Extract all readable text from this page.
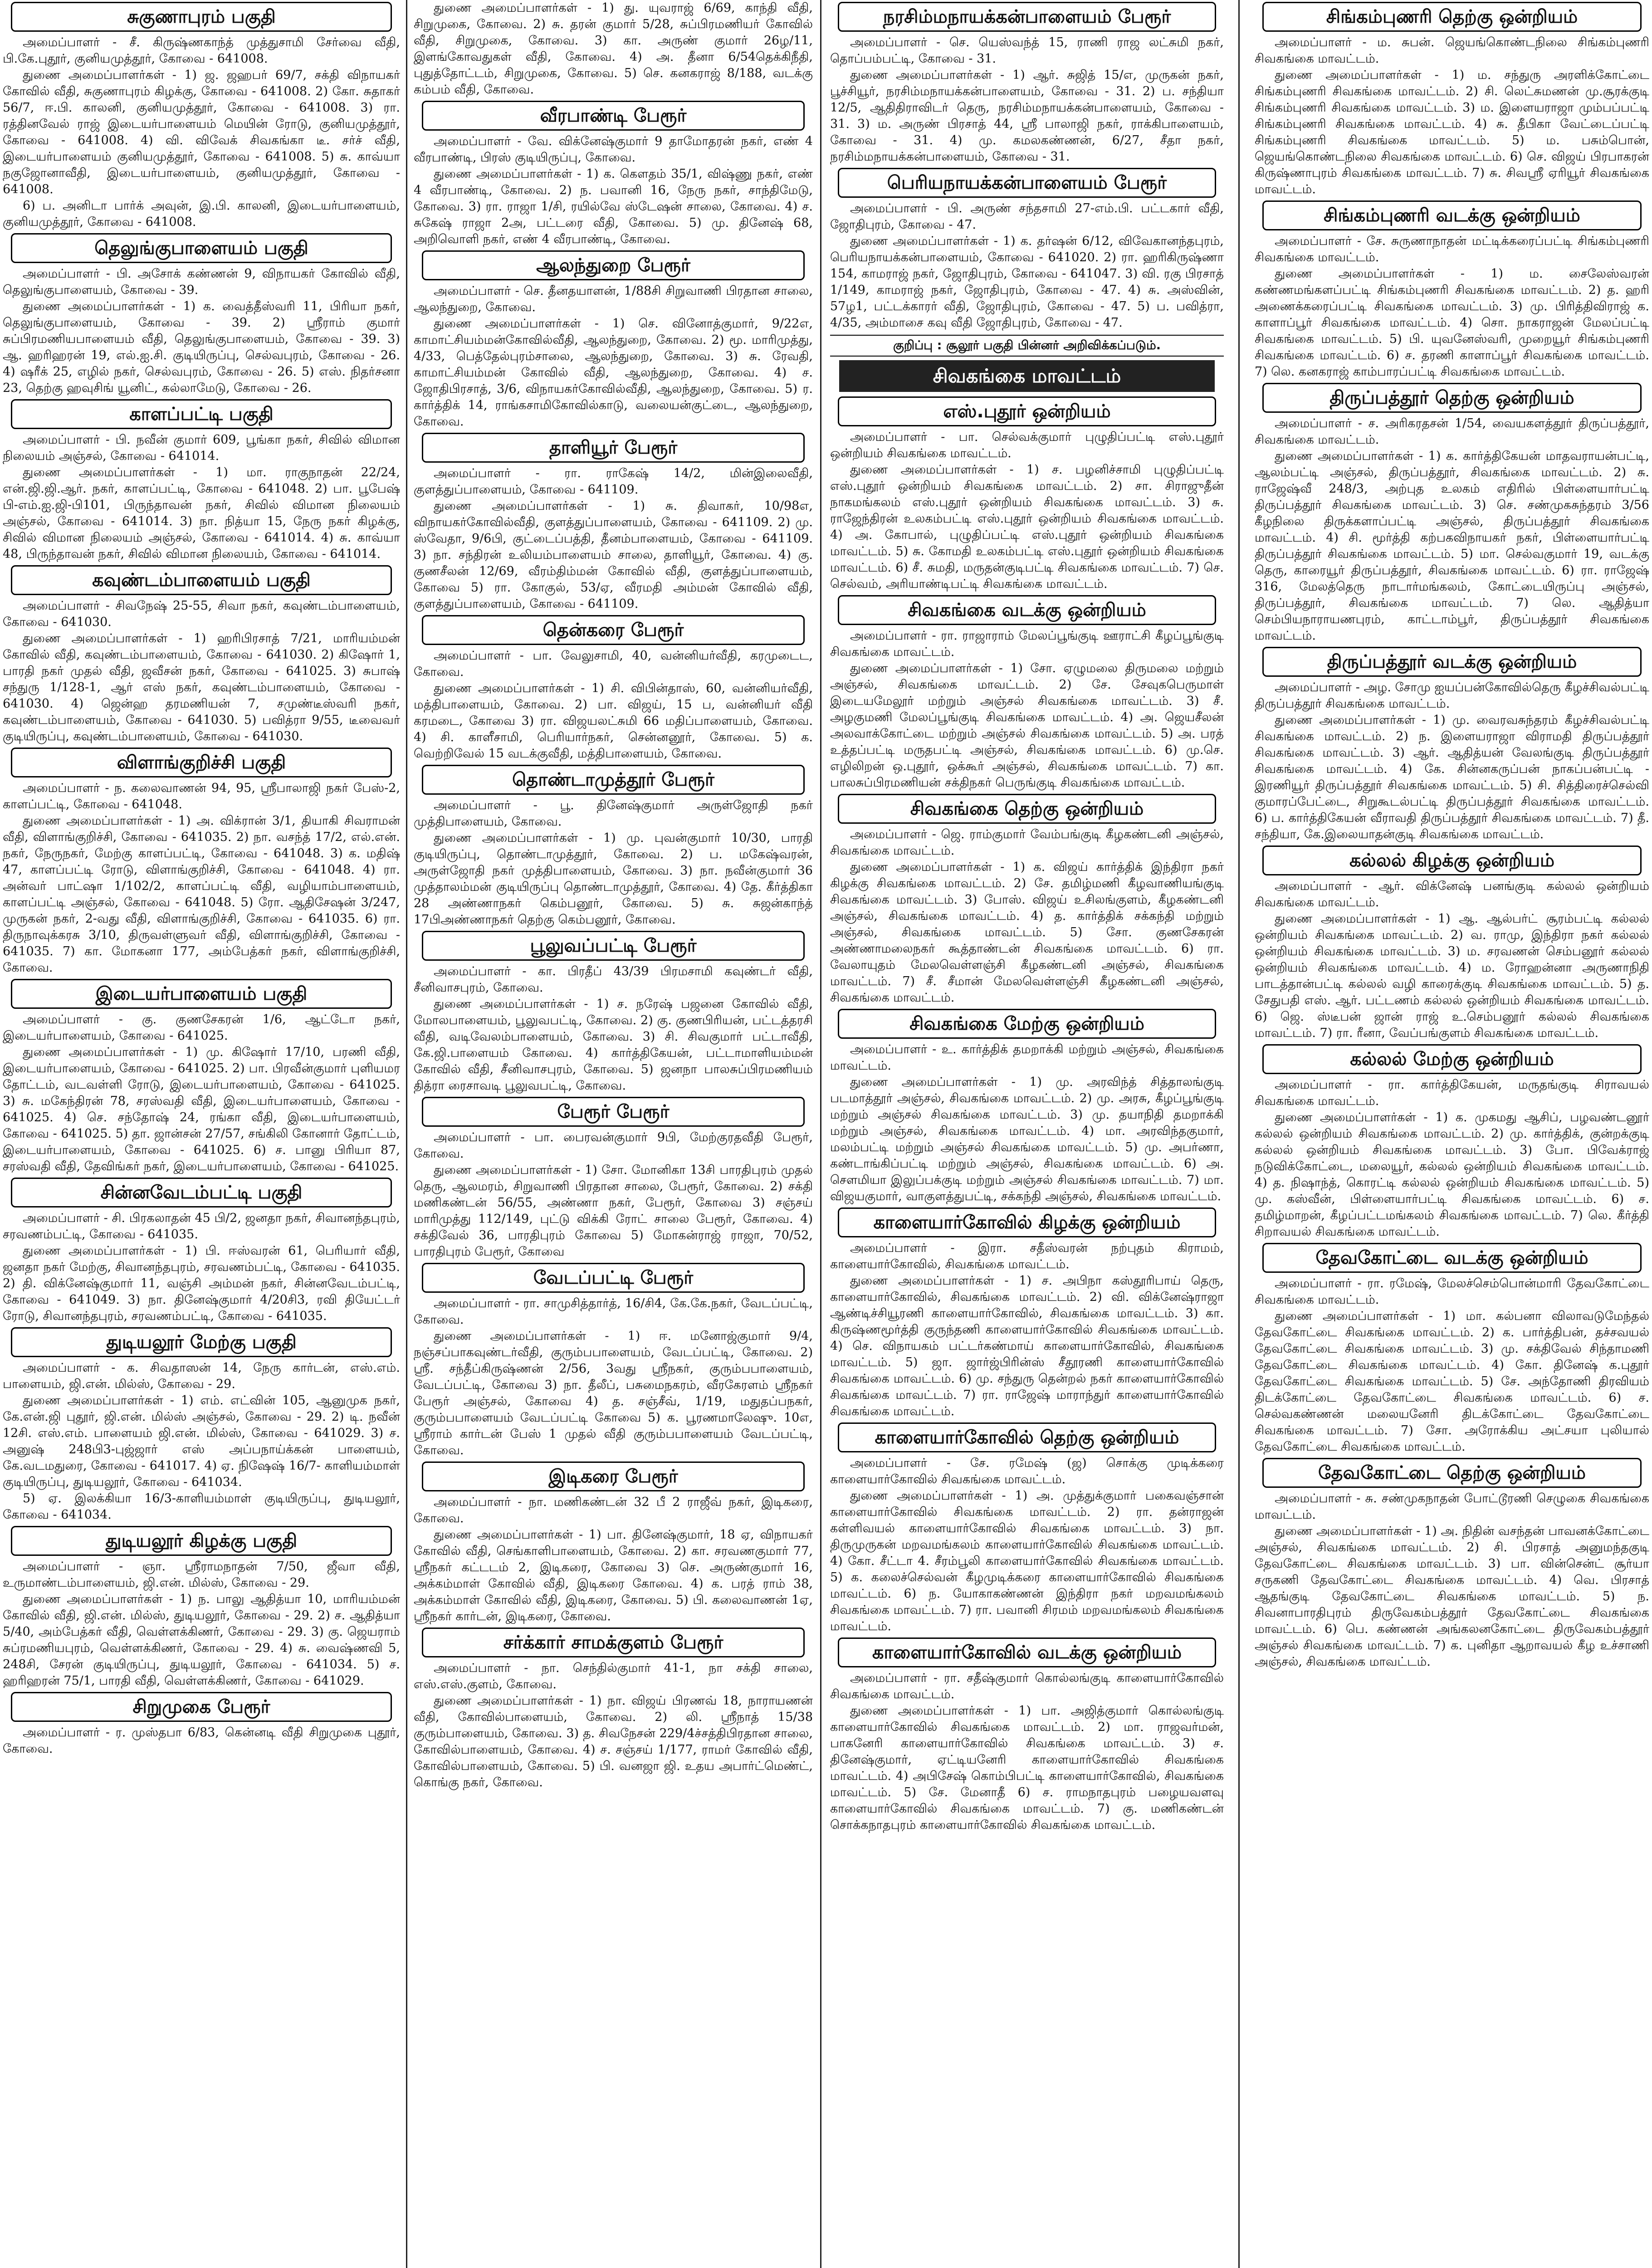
சுகுணாபுரம் பகுதி

அமைப்பாளர் - சீ. கிருஷ்ணகாந்த் முத்துசாமி சேர்வை வீதி, பி.கே.புதூர், குனியமுத்தூர், கோவை - 641008.

துணை அமைப்பாளர்கள் - 1) ஜ. ஜஹபர் 69/7, சக்தி விநாயகர் கோவில் வீதி, சுகுணாபுரம் கிழக்கு, கோவை - 641008. 2) கோ. சுதாகர் 56/7, ஈ.பி. காலனி, குனியமுத்தூர், கோவை - 641008. 3) ரா. ரத்தினவேல் ராஜ் இடையர்பாளையம் மெயின் ரோடு, குனியமுத்தூர், கோவை - 641008. 4) வி. விவேக் சிவகங்கா டீ. சர்ச் வீதி, இடையர்பாளையம் குனியமுத்தூர், கோவை - 641008. 5) சு. காவ்யா நகுஜோனாவீதி, இடையர்பாளையம், குனியமுத்தூர், கோவை - 641008.

6) ப. அனிடா பார்க் அவுன், இ.பி. காலனி, இடையர்பாளையம், குனியமுத்தூர், கோவை - 641008.

தெலுங்குபாளையம் பகுதி

அமைப்பாளர் - பி. அசோக் கண்ணன் 9, விநாயகர் கோவில் வீதி, தெலுங்குபாளையம், கோவை - 39.

துணை அமைப்பாளர்கள் - 1) க. வைத்தீஸ்வரி 11, பிரியா நகர், தெலுங்குபாளையம், கோவை - 39. 2) ஸ்ரீராம் குமார் சுப்பிரமணியபாளையம் வீதி, தெலுங்குபாளையம், கோவை - 39. 3) ஆ. ஹரிஹரன் 19, எல்.ஐ.சி. குடியிருப்பு, செல்வபுரம், கோவை - 26. 4) ஷரீக் 25, எழில் நகர், செல்வபுரம், கோவை - 26. 5) எஸ். நிதர்சனா 23, தெற்கு ஹவுசிங் யூனிட், கல்லாமேடு, கோவை - 26.

காளப்பட்டி பகுதி

அமைப்பாளர் - பி. நவீன் குமார் 609, பூங்கா நகர், சிவில் விமான நிலையம் அஞ்சல், கோவை - 641014.

துணை அமைப்பாளர்கள் - 1) மா. ராகுநாதன் 22/24, என்.ஜி.ஜி.ஆர். நகர், காளப்பட்டி, கோவை - 641048. 2) பா. பூபேஷ் பி-எம்.ஐ.ஜி-பி101, பிருந்தாவன் நகர், சிவில் விமான நிலையம் அஞ்சல், கோவை - 641014. 3) நா. நித்யா 15, நேரு நகர் கிழக்கு, சிவில் விமான நிலையம் அஞ்சல், கோவை - 641014. 4) சு. காவ்யா 48, பிருந்தாவன் நகர், சிவில் விமான நிலையம், கோவை - 641014.

கவுண்டம்பாளையம் பகுதி

அமைப்பாளர் - சிவநேஷ் 25-55, சிவா நகர், கவுண்டம்பாளையம், கோவை - 641030.

துணை அமைப்பாளர்கள் - 1) ஹரிபிரசாத் 7/21, மாரியம்மன் கோவில் வீதி, கவுண்டம்பாளையம், கோவை - 641030. 2) கிஷோர் 1, பாரதி நகர் முதல் வீதி, ஜவீசன் நகர், கோவை - 641025. 3) சுபாஷ் சந்துரு 1/128-1, ஆர் எஸ் நகர், கவுண்டம்பாளையம், கோவை - 641030. 4) ஜென்ஹ தரமணியன் 7, சமுண்டீஸ்வரி நகர், கவுண்டம்பாளையம், கோவை - 641030. 5) பவித்ரா 9/55, டீவைவர் குடியிருப்பு, கவுண்டம்பாளையம், கோவை - 641030.

விளாங்குறிச்சி பகுதி

அமைப்பாளர் - ந. கலைவாணன் 94, 95, ஸ்ரீபாலாஜி நகர் பேஸ்-2, காளப்பட்டி, கோவை - 641048.

துணை அமைப்பாளர்கள் - 1) அ. விக்ரான் 3/1, தியாகி சிவராமன் வீதி, விளாங்குறிச்சி, கோவை - 641035. 2) நா. வசந்த் 17/2, எல்.என். நகர், நேருநகர், மேற்கு காளப்பட்டி, கோவை - 641048. 3) க. மதிஷ் 47, காளப்பட்டி ரோடு, விளாங்குறிச்சி, கோவை - 641048. 4) ரா. அன்வர் பாட்ஷா 1/102/2, காளப்பட்டி வீதி, வழியாம்பாளையம், காளப்பட்டி அஞ்சல், கோவை - 641048. 5) ரோ. ஆதிசேஷன் 3/247, முருகன் நகர், 2-வது வீதி, விளாங்குறிச்சி, கோவை - 641035. 6) ரா. திருநாவுக்கரசு 3/10, திருவள்ளுவர் வீதி, விளாங்குறிச்சி, கோவை - 641035. 7) கா. மோகனா 177, அம்பேத்கர் நகர், விளாங்குறிச்சி, கோவை.

இடையர்பாளையம் பகுதி

அமைப்பாளர் - கு. குணசேகரன் 1/6, ஆட்டோ நகர், இடையர்பாளையம், கோவை - 641025.

துணை அமைப்பாளர்கள் - 1) மு. கிஷோர் 17/10, பரணி வீதி, இடையர்பாளையம், கோவை - 641025. 2) பா. பிரவீன்குமார் புளியமர தோட்டம், வடவள்ளி ரோடு, இடையர்பாளையம், கோவை - 641025. 3) சு. மகேந்திரன் 78, சரஸ்வதி வீதி, இடையர்பாளையம், கோவை - 641025. 4) செ. சந்தோஷ் 24, ரங்கா வீதி, இடையர்பாளையம், கோவை - 641025. 5) தா. ஜான்சன் 27/57, சங்கிலி கோனார் தோட்டம், இடையர்பாளையம், கோவை - 641025. 6) ச. பானு பிரியா 87, சரஸ்வதி வீதி, தேவிங்கர் நகர், இடையர்பாளையம், கோவை - 641025.

சின்னவேடம்பட்டி பகுதி

அமைப்பாளர் - சி. பிரகலாதன் 45 பி/2, ஜனதா நகர், சிவானந்தபுரம், சரவணம்பட்டி, கோவை - 641035.

துணை அமைப்பாளர்கள் - 1) பி. ஈஸ்வரன் 61, பெரியார் வீதி, ஜனதா நகர் மேற்கு, சிவானந்தபுரம், சரவணம்பட்டி, கோவை - 641035. 2) தி. விக்னேஷ்குமார் 11, வஞ்சி அம்மன் நகர், சின்னவேடம்பட்டி, கோவை - 641049. 3) நா. தினேஷ்குமார் 4/20சி3, ரவி தியேட்டர் ரோடு, சிவானந்தபுரம், சரவணம்பட்டி, கோவை - 641035.

துடியலூர் மேற்கு பகுதி

அமைப்பாளர் - க. சிவதாஸன் 14, நேரு கார்டன், எஸ்.எம். பாளையம், ஜி.என். மில்ஸ், கோவை - 29.

துணை அமைப்பாளர்கள் - 1) எம். எட்வின் 105, ஆனுமுக நகர், கே.என்.ஜி புதூர், ஜி.என். மில்ஸ் அஞ்சல், கோவை - 29. 2) டி. நவீன் 12சி. எஸ்.எம். பாளையம் ஜி.என். மில்ஸ், கோவை - 641029. 3) ச. அனுஷ் 248பி3-புஜ்ஜார் எஸ் அப்பநாய்க்கன் பாளையம், கே.வடமதுரை, கோவை - 641017. 4) ஏ. நிஷேஷ் 16/7- காளியம்மாள் குடியிருப்பு, துடியலூர், கோவை - 641034.

5) ஏ. இலக்கியா 16/3-காளியம்மாள் குடியிருப்பு, துடியலூர், கோவை - 641034.

துடியலூர் கிழக்கு பகுதி

அமைப்பாளர் - ஞா. ஸ்ரீராமநாதன் 7/50, ஜீவா வீதி, உருமாண்டம்பாளையம், ஜி.என். மில்ஸ், கோவை - 29.

துணை அமைப்பாளர்கள் - 1) ந. பாலு ஆதித்யா 10, மாரியம்மன் கோவில் வீதி, ஜி.என். மில்ஸ், துடியலூர், கோவை - 29. 2) ச. ஆதித்யா 5/40, அம்பேத்கர் வீதி, வெள்ளக்கிணர், கோவை - 29. 3) கு. ஜெயராம் சுப்ரமணியபுரம், வெள்ளக்கிணர், கோவை - 29. 4) சு. வைஷ்ணவி 5, 248சி, சேரன் குடியிருப்பு, துடியலூர், கோவை - 641034. 5) ச. ஹரிஹரன் 75/1, பாரதி வீதி, வெள்ளக்கிணர், கோவை - 641029.

சிறுமுகை பேரூர்

அமைப்பாளர் - ர. முஸ்தபா 6/83, கென்னடி வீதி சிறுமுகை புதூர், கோவை.

துணை அமைப்பாளர்கள் - 1) து. யுவராஜ் 6/69, காந்தி வீதி, சிறுமுகை, கோவை. 2) சு. தரன் குமார் 5/28, சுப்பிரமணியர் கோவில் வீதி, சிறுமுகை, கோவை. 3) கா. அருண் குமார் 26ழ/11, இளங்கோவதுகள் வீதி, கோவை. 4) அ. தீனா 6/54தெக்கிநீதி, புதுத்தோட்டம், சிறுமுகை, கோவை. 5) செ. கனகராஜ் 8/188, வடக்கு கம்பம் வீதி, கோவை.

வீரபாண்டி பேரூர்

அமைப்பாளர் - வே. விக்னேஷ்குமார் 9 தாமோதரன் நகர், எண் 4 வீரபாண்டி, பிரஸ் குடியிருப்பு, கோவை.

துணை அமைப்பாளர்கள் - 1) க. கௌதம் 35/1, விஷ்ணு நகர், எண் 4 வீரபாண்டி, கோவை. 2) ந. பவானி 16, நேரு நகர், சாந்திமேடு, கோவை. 3) ரா. ராஜா 1/சி, ரயில்வே ஸ்டேஷன் சாலை, கோவை. 4) ச. சுகேஷ் ராஜா 2அ, பட்டரை வீதி, கோவை. 5) மு. தினேஷ் 68, அறிவொளி நகர், எண் 4 வீரபாண்டி, கோவை.

ஆலந்துறை பேரூர்

அமைப்பாளர் - செ. தீனதயாளன், 1/88சி சிறுவாணி பிரதான சாலை, ஆலந்துறை, கோவை.

துணை அமைப்பாளர்கள் - 1) செ. வினோத்குமார், 9/22எ, காமாட்சியம்மன்கோவில்வீதி, ஆலந்துறை, கோவை. 2) மூ. மாரிமுத்து, 4/33, பெத்தேல்புரம்சாலை, ஆலந்துறை, கோவை. 3) சு. ரேவதி, காமாட்சியம்மன் கோவில் வீதி, ஆலந்துறை, கோவை. 4) ச. ஜோதிபிரசாத், 3/6, விநாயகர்கோவில்வீதி, ஆலந்துறை, கோவை. 5) ர. கார்த்திக் 14, ராங்கசாமிகோவில்காடு, வலையன்குட்டை, ஆலந்துறை, கோவை.

தாளியூர் பேரூர்

அமைப்பாளர் - ரா. ராகேஷ் 14/2, மின்இலைவீதி, குளத்துப்பாளையம், கோவை - 641109.

துணை அமைப்பாளர்கள் - 1) சு. திவாகர், 10/98எ, விநாயகர்கோவில்வீதி, குளத்துப்பாளையம், கோவை - 641109. 2) மு. ஸ்வேதா, 9/6பி, குட்டைப்பத்தி, தீனம்பாளையம், கோவை - 641109. 3) நா. சந்திரன் உலியம்பாளையம் சாலை, தாளியூர், கோவை. 4) கு. குணசீலன் 12/69, வீரம்திம்மன் கோவில் வீதி, குளத்துப்பாளையம், கோவை 5) ரா. கோகுல், 53/ஏ, வீரமதி அம்மன் கோவில் வீதி, குளத்துப்பாளையம், கோவை - 641109.

தென்கரை பேரூர்

அமைப்பாளர் - பா. வேலுசாமி, 40, வன்னியர்வீதி, கரமுடைட, கோவை.

துணை அமைப்பாளர்கள் - 1) சி. விபின்தாஸ், 60, வன்னியர்வீதி, மத்திபாளையம், கோவை. 2) பா. விஜய், 15 ப, வன்னியர் வீதி கரமடை, கோவை 3) ரா. விஜயலட்சுமி 66 மதிப்பாளையம், கோவை. 4) சி. காளீசாமி, பெரியார்நகர், சென்னனூர், கோவை. 5) க. வெற்றிவேல் 15 வடக்குவீதி, மத்திபாளையம், கோவை.

தொண்டாமுத்தூர் பேரூர்

அமைப்பாளர் - பூ. தினேஷ்குமார் அருள்ஜோதி நகர் முத்திபாளையம், கோவை.

துணை அமைப்பாளர்கள் - 1) மு. புவன்குமார் 10/30, பாரதி குடியிருப்பு, தொண்டாமுத்தூர், கோவை. 2) ப. மகேஷ்வரன், அருள்ஜோதி நகர் முத்திபாளையம், கோவை. 3) நா. நவீன்குமார் 36 முத்தாலம்மன் குடியிருப்பு தொண்டாமுத்தூர், கோவை. 4) தே. கீர்த்திகா 28 அண்ணாநகர் கெம்பனூர், கோவை. 5) சு. சுஜன்காந்த் 17பிஅண்ணாநகர் தெற்கு கெம்பனூர், கோவை.

பூலுவப்பட்டி பேரூர்

அமைப்பாளர் - கா. பிரதீப் 43/39 பிரமசாமி கவுண்டர் வீதி, சீனிவாசபுரம், கோவை.

துணை அமைப்பாளர்கள் - 1) ச. நரேஷ் பஜனை கோவில் வீதி, மோலபாளையம், பூலுவபட்டி, கோவை. 2) கு. குணபிரியன், பட்டத்தரசி வீதி, வடிவேலம்பாளையம், கோவை. 3) சி. சிவகுமார் பட்டாவீதி, கே.ஜி.பாளையம் கோவை. 4) கார்த்திகேயன், பட்டாமாளியம்மன் கோவில் வீதி, சீனிவாசபுரம், கோவை. 5) ஜனநா பாலசுப்பிரமணியம் தித்ரா ரைசாவடி பூலுவபட்டி, கோவை.

பேரூர் பேரூர்

அமைப்பாளர் - பா. பைரவன்குமார் 9பி, மேற்குரதவீதி பேரூர், கோவை.

துணை அமைப்பாளர்கள் - 1) சோ. மோனிகா 13சி பாரதிபுரம் முதல் தெரு, ஆலமரம், சிறுவாணி பிரதான சாலை, பேரூர், கோவை. 2) சக்தி மணிகண்டன் 56/55, அண்ணா நகர், பேரூர், கோவை 3) சஞ்சய் மாரிமுத்து 112/149, புட்டு விக்கி ரோட் சாலை பேரூர், கோவை. 4) சக்திவேல் 36, பாரதிபுரம் கோவை 5) மோகன்ராஜ் ராஜா, 70/52, பாரதிபுரம் பேரூர், கோவை

வேடப்பட்டி பேரூர்

அமைப்பாளர் - ரா. சாமுசித்தார்த், 16/சி4, கே.கே.நகர், வேடப்பட்டி, கோவை.

துணை அமைப்பாளர்கள் - 1) ஈ. மனோஜ்குமார் 9/4, நஞ்சப்பாகவுண்டர்வீதி, குரும்பபாளையம், வேடப்பட்டி, கோவை. 2) ஸ்ரீ. சந்தீப்கிருஷ்ணன் 2/56, 3வது ஸ்ரீநகர், குரும்பபாளையம், வேடப்பட்டி, கோவை 3) நா. தீலீப், பசுமைநகரம், வீரகேரளம் ஸ்ரீநகர் பேரூர் அஞ்சல், கோவை 4) த. சஞ்சீவ், 1/19, மதுதப்பநகர், குரும்பபாளையம் வேடப்பட்டி கோவை 5) க. பூரணமாலேஷு. 10எ, ஸ்ரீராம் கார்டன் பேஸ் 1 முதல் வீதி குரும்பபாளையம் வேடப்பட்டி, கோவை.

இடிகரை பேரூர்

அமைப்பாளர் - நா. மணிகண்டன் 32 பீ 2 ராஜீவ் நகர், இடிகரை, கோவை.

துணை அமைப்பாளர்கள் - 1) பா. தினேஷ்குமார், 18 ஏ, விநாயகர் கோவில் வீதி, செங்காளிபாளையம், கோவை. 2) கா. சரவணகுமார் 77, ஸ்ரீநகர் கட்டடம் 2, இடிகரை, கோவை 3) செ. அருண்குமார் 16, அக்கம்மாள் கோவில் வீதி, இடிகரை கோவை. 4) க. பரத் ராம் 38, அக்கம்மாள் கோவில் வீதி, இடிகரை, கோவை. 5) பி. கலைவாணன் 1ஏ, ஸ்ரீநகர் கார்டன், இடிகரை, கோவை.

சர்க்கார் சாமக்குளம் பேரூர்

அமைப்பாளர் - நா. செந்தில்குமார் 41-1, நா சக்தி சாலை, எஸ்.எஸ்.குளம், கோவை.

துணை அமைப்பாளர்கள் - 1) நா. விஜய் பிரணவ் 18, நாராயணன் வீதி, கோவில்பாளையம், கோவை. 2) லி. ஸ்ரீநாத் 15/38 குரும்பாளையம், கோவை. 3) த. சிவநேசன் 229/4ச்சத்திபிரதான சாலை, கோவில்பாளையம், கோவை. 4) ச. சஞ்சய் 1/177, ராமர் கோவில் வீதி, கோவில்பாளையம், கோவை. 5) பி. வனஜா ஜி. உதய அபார்ட்மெண்ட், கொங்கு நகர், கோவை.

நரசிம்மநாயக்கன்பாளையம் பேரூர்

அமைப்பாளர் - செ. யெஸ்வந்த் 15, ராணி ராஜ லட்சுமி நகர், தொப்பம்பட்டி, கோவை - 31.

துணை அமைப்பாளர்கள் - 1) ஆர். சுஜித் 15/எ, முருகன் நகர், பூச்சியூர், நரசிம்மநாயக்கன்பாளையம், கோவை - 31. 2) ப. சந்தியா 12/5, ஆதிதிராவிடர் தெரு, நரசிம்மநாயக்கன்பாளையம், கோவை - 31. 3) ம. அருண் பிரசாத் 44, ஸ்ரீ பாலாஜி நகர், ராக்கிபாளையம், கோவை - 31. 4) மு. கமலகண்ணன், 6/27, சீதா நகர், நரசிம்மநாயக்கன்பாளையம், கோவை - 31.

பெரியநாயக்கன்பாளையம் பேரூர்

அமைப்பாளர் - பி. அருண் சந்தசாமி 27-எம்.பி. பட்டகார் வீதி, ஜோதிபுரம், கோவை - 47.

துணை அமைப்பாளர்கள் - 1) க. தர்ஷன் 6/12, விவேகானந்தபுரம், பெரியநாயக்கன்பாளையம், கோவை - 641020. 2) ரா. ஹரிகிருஷ்ணா 154, காமராஜ் நகர், ஜோதிபுரம், கோவை - 641047. 3) வி. ரகு பிரசாத் 1/149, காமராஜ் நகர், ஜோதிபுரம், கோவை - 47. 4) சு. அஸ்வின், 57ழ1, பட்டக்காரர் வீதி, ஜோதிபுரம், கோவை - 47. 5) ப. பவித்ரா, 4/35, அம்மாசை கவு வீதி ஜோதிபுரம், கோவை - 47.

குறிப்பு : சூலூர் பகுதி பின்னர் அறிவிக்கப்படும்.
சிவகங்கை மாவட்டம்
எஸ்.புதூர் ஒன்றியம்

அமைப்பாளர் - பா. செல்வக்குமார் புழுதிப்பட்டி எஸ்.புதூர் ஒன்றியம் சிவகங்கை மாவட்டம்.

துணை அமைப்பாளர்கள் - 1) ச. பழனிச்சாமி புழுதிப்பட்டி எஸ்.புதூர் ஒன்றியம் சிவகங்கை மாவட்டம். 2) சா. சிராஜுதீன் நாகமங்கலம் எஸ்.புதூர் ஒன்றியம் சிவகங்கை மாவட்டம். 3) சு. ராஜேந்திரன் உலகம்பட்டி எஸ்.புதூர் ஒன்றியம் சிவகங்கை மாவட்டம். 4) அ. கோபால், புழுதிப்பட்டி எஸ்.புதூர் ஒன்றியம் சிவகங்கை மாவட்டம். 5) சு. கோமதி உலகம்பட்டி எஸ்.புதூர் ஒன்றியம் சிவகங்கை மாவட்டம். 6) சீ. சுமதி, மருதன்குடிபட்டி சிவகங்கை மாவட்டம். 7) செ. செல்வம், அரியாண்டிபட்டி சிவகங்கை மாவட்டம்.

சிவகங்கை வடக்கு ஒன்றியம்

அமைப்பாளர் - ரா. ராஜாராம் மேலப்பூங்குடி ஊராட்சி கீழப்பூங்குடி சிவகங்கை மாவட்டம்.

துணை அமைப்பாளர்கள் - 1) சோ. ஏழுமலை திருமலை மற்றும் அஞ்சல், சிவகங்கை மாவட்டம். 2) சே. சேவுகபெருமாள் இடையமேலூர் மற்றும் அஞ்சல் சிவகங்கை மாவட்டம். 3) சீ. அழகுமணி மேலப்பூங்குடி சிவகங்கை மாவட்டம். 4) அ. ஜெயசீலன் அலவாக்கோட்டை மற்றும் அஞ்சல் சிவகங்கை மாவட்டம். 5) அ. பரத் உத்தப்பட்டி மருதபட்டி அஞ்சல், சிவகங்கை மாவட்டம். 6) மு.செ. எழிலிறன் ஒ.புதூர், ஒக்கூர் அஞ்சல், சிவகங்கை மாவட்டம். 7) கா. பாலசுப்பிரமணியன் சக்திநகர் பெருங்குடி சிவகங்கை மாவட்டம்.

சிவகங்கை தெற்கு ஒன்றியம்

அமைப்பாளர் - ஜெ. ராம்குமார் வேம்பங்குடி கீழகண்டனி அஞ்சல், சிவகங்கை மாவட்டம்.

துணை அமைப்பாளர்கள் - 1) க. விஜய் கார்த்திக் இந்திரா நகர் கிழக்கு சிவகங்கை மாவட்டம். 2) சே. தமிழ்மணி கீழவாணியங்குடி சிவகங்கை மாவட்டம். 3) போஸ். விஜய் உசிலங்குளம், கீழகண்டனி அஞ்சல், சிவகங்கை மாவட்டம். 4) த. கார்த்திக் சக்கந்தி மற்றும் அஞ்சல், சிவகங்கை மாவட்டம். 5) சோ. குணசேகரன் அண்ணாமலைநகர் கூத்தாண்டன் சிவகங்கை மாவட்டம். 6) ரா. வேலாயுதம் மேலவெள்ளஞ்சி கீழகண்டனி அஞ்சல், சிவகங்கை மாவட்டம். 7) சீ. சீமான் மேலவெள்ளஞ்சி கீழகண்டனி அஞ்சல், சிவகங்கை மாவட்டம்.

சிவகங்கை மேற்கு ஒன்றியம்

அமைப்பாளர் - உ. கார்த்திக் தமறாக்கி மற்றும் அஞ்சல், சிவகங்கை மாவட்டம்.

துணை அமைப்பாளர்கள் - 1) மு. அரவிந்த் சித்தாலங்குடி படமாத்தூர் அஞ்சல், சிவகங்கை மாவட்டம். 2) மு. அரசு, கீழப்பூங்குடி மற்றும் அஞ்சல் சிவகங்கை மாவட்டம். 3) மு. தயாநிதி தமறாக்கி மற்றும் அஞ்சல், சிவகங்கை மாவட்டம். 4) மா. அரவிந்தகுமார், மலம்பட்டி மற்றும் அஞ்சல் சிவகங்கை மாவட்டம். 5) மு. அபர்ணா, கண்டாங்கிப்பட்டி மற்றும் அஞ்சல், சிவகங்கை மாவட்டம். 6) அ. சௌமியா இலுப்பக்குடி மற்றும் அஞ்சல் சிவகங்கை மாவட்டம். 7) மா. விஜயகுமார், வாகுளத்துபட்டி, சக்கந்தி அஞ்சல், சிவகங்கை மாவட்டம்.

காளையார்கோவில் கிழக்கு ஒன்றியம்

அமைப்பாளர் - இரா. சதீஸ்வரன் நற்புதம் கிராமம், காளையார்கோவில், சிவகங்கை மாவட்டம்.

துணை அமைப்பாளர்கள் - 1) ச. அபிநா கஸ்தூரிபாய் தெரு, காளையார்கோவில், சிவகங்கை மாவட்டம். 2) வி. விக்னேஷ்ராஜா ஆண்டிச்சியூரணி காளையார்கோவில், சிவகங்கை மாவட்டம். 3) கா. கிருஷ்ணமூர்த்தி குருந்தணி காளையார்கோவில் சிவகங்கை மாவட்டம். 4) செ. விநாயகம் பட்டர்கண்மாய் காளையார்கோவில், சிவகங்கை மாவட்டம். 5) ஜா. ஜார்ஜ்பிரின்ஸ் சீதூரணி காளையார்கோவில் சிவகங்கை மாவட்டம். 6) மு. சந்துரு தென்றல் நகர் காளையார்கோவில் சிவகங்கை மாவட்டம். 7) ரா. ராஜேஷ் மாராந்துர் காளையார்கோவில் சிவகங்கை மாவட்டம்.

காளையார்கோவில் தெற்கு ஒன்றியம்

அமைப்பாளர் - சே. ரமேஷ் (ஜ) சொக்கு முடிக்கரை காளையார்கோவில் சிவகங்கை மாவட்டம்.

துணை அமைப்பாளர்கள் - 1) அ. முத்துக்குமார் பகைவஞ்சான் காளையார்கோவில் சிவகங்கை மாவட்டம். 2) ரா. தன்ராஜன் கள்ளிவயல் காளையார்கோவில் சிவகங்கை மாவட்டம். 3) நா. திருமுருகன் மறவமங்கலம் காளையார்கோவில் சிவகங்கை மாவட்டம். 4) கோ. சீட்டா 4. சீரம்பூலி காளையார்கோவில் சிவகங்கை மாவட்டம். 5) க. கலைச்செல்வன் கீழமுடிக்கரை காளையார்கோவில் சிவகங்கை மாவட்டம். 6) ந. யோகாகண்ணன் இந்திரா நகர் மறவமங்கலம் சிவகங்கை மாவட்டம். 7) ரா. பவானி சிரமம் மறவமங்கலம் சிவகங்கை மாவட்டம்.

காளையார்கோவில் வடக்கு ஒன்றியம்

அமைப்பாளர் - ரா. சதீஷ்குமார் கொல்லங்குடி காளையார்கோவில் சிவகங்கை மாவட்டம்.

துணை அமைப்பாளர்கள் - 1) பா. அஜித்குமார் கொல்லங்குடி காளையார்கோவில் சிவகங்கை மாவட்டம். 2) மா. ராஜவர்மன், பாகனேரி காளையார்கோவில் சிவகங்கை மாவட்டம். 3) ச. தினேஷ்குமார், ஏட்டியனேரி காளையார்கோவில் சிவகங்கை மாவட்டம். 4) அபிசேஷ் கொம்பிபட்டி காளையார்கோவில், சிவகங்கை மாவட்டம். 5) சே. மேனாதீ 6) ச. ராமநாதபுரம் பழையவளவு காளையார்கோவில் சிவகங்கை மாவட்டம். 7) கு. மணிகண்டன் சொக்கநாதபுரம் காளையார்கோவில் சிவகங்கை மாவட்டம்.

சிங்கம்புணரி தெற்கு ஒன்றியம்

அமைப்பாளர் - ம. சுபன். ஜெயங்கொண்டநிலை சிங்கம்புணரி சிவகங்கை மாவட்டம்.

துணை அமைப்பாளர்கள் - 1) ம. சந்துரு அரளிக்கோட்டை சிங்கம்புணரி சிவகங்கை மாவட்டம். 2) சி. லெட்சுமணன் மு.சூரக்குடி சிங்கம்புணரி சிவகங்கை மாவட்டம். 3) ம. இளையராஜா மும்பப்பட்டி சிங்கம்புணரி சிவகங்கை மாவட்டம். 4) சு. தீபிகா வேட்டைப்பட்டி சிங்கம்புணரி சிவகங்கை மாவட்டம். 5) ம. பசும்பொன், ஜெயங்கொண்டநிலை சிவகங்கை மாவட்டம். 6) செ. விஜய் பிரபாகரன் கிருஷ்ணாபுரம் சிவகங்கை மாவட்டம். 7) சு. சிவஸ்ரீ ஏரியூர் சிவகங்கை மாவட்டம்.

சிங்கம்புணரி வடக்கு ஒன்றியம்

அமைப்பாளர் - சே. சுருணாநாதன் மட்டிக்கரைப்பட்டி சிங்கம்புணரி சிவகங்கை மாவட்டம்.

துணை அமைப்பாளர்கள் - 1) ம. சைலேஸ்வரன் கண்ணமங்களப்பட்டி சிங்கம்புணரி சிவகங்கை மாவட்டம். 2) த. ஹரி அணைக்கரைப்பட்டி சிவகங்கை மாவட்டம். 3) மு. பிரித்திவிராஜ் க. காளாப்பூர் சிவகங்கை மாவட்டம். 4) சொ. நாகராஜன் மேலப்பட்டி சிவகங்கை மாவட்டம். 5) பி. யுவனேஸ்வரி, முறையூர் சிங்கம்புணரி சிவகங்கை மாவட்டம். 6) ச. தரணி காளாப்பூர் சிவகங்கை மாவட்டம். 7) லெ. கனகராஜ் காம்பாரப்பட்டி சிவகங்கை மாவட்டம்.

திருப்பத்தூர் தெற்கு ஒன்றியம்

அமைப்பாளர் - ச. அரிகரதசன் 1/54, வையகளத்தூர் திருப்பத்தூர், சிவகங்கை மாவட்டம்.

துணை அமைப்பாளர்கள் - 1) க. கார்த்திகேயன் மாதவராயன்பட்டி, ஆலம்பட்டி அஞ்சல், திருப்பத்தூர், சிவகங்கை மாவட்டம். 2) சு. ராஜேஷ்வீ 248/3, அற்புத உலகம் எதிரில் பிள்ளையார்பட்டி திருப்பத்தூர் சிவகங்கை மாவட்டம். 3) செ. சண்முகசுந்தரம் 3/56 கீழநிலை திருக்களாப்பட்டி அஞ்சல், திருப்பத்தூர் சிவகங்கை மாவட்டம். 4) சி. மூர்த்தி கற்பகவிநாயகர் நகர், பிள்ளையார்பட்டி திருப்பத்தூர் சிவகங்கை மாவட்டம். 5) மா. செல்வகுமார் 19, வடக்கு தெரு, காரையூர் திருப்பத்தூர், சிவகங்கை மாவட்டம். 6) ரா. ராஜேஷ் 316, மேலத்தெரு நாடார்மங்கலம், கோட்டையிருப்பு அஞ்சல், திருப்பத்தூர், சிவகங்கை மாவட்டம். 7) லெ. ஆதித்யா செம்பியநாராயணபுரம், காட்டாம்பூர், திருப்பத்தூர் சிவகங்கை மாவட்டம்.

திருப்பத்தூர் வடக்கு ஒன்றியம்

அமைப்பாளர் - அழ. சோமு ஐயப்பன்கோவில்தெரு கீழச்சிவல்பட்டி திருப்பத்தூர் சிவகங்கை மாவட்டம்.

துணை அமைப்பாளர்கள் - 1) மு. வைரவசுந்தரம் கீழச்சிவல்பட்டி சிவகங்கை மாவட்டம். 2) ந. இளையராஜா விராமதி திருப்பத்தூர் சிவகங்கை மாவட்டம். 3) ஆர். ஆதித்யன் வேலங்குடி திருப்பத்தூர் சிவகங்கை மாவட்டம். 4) கே. சின்னகருப்பன் நாகப்பன்பட்டி - இரணியூர் திருப்பத்தூர் சிவகங்கை மாவட்டம். 5) சி. சித்திரைச்செல்வி குமாரப்பேட்டை, சிறுகூடல்பட்டி திருப்பத்தூர் சிவகங்கை மாவட்டம். 6) ப. கார்த்திகேயன் வீராவதி திருப்பத்தூர் சிவகங்கை மாவட்டம். 7) தீ. சந்தியா, கே.இலையாதன்குடி சிவகங்கை மாவட்டம்.

கல்லல் கிழக்கு ஒன்றியம்

அமைப்பாளர் - ஆர். விக்னேஷ் பனங்குடி கல்லல் ஒன்றியம் சிவகங்கை மாவட்டம்.

துணை அமைப்பாளர்கள் - 1) ஆ. ஆல்பர்ட் சூரம்பட்டி கல்லல் ஒன்றியம் சிவகங்கை மாவட்டம். 2) வ. ராமு, இந்திரா நகர் கல்லல் ஒன்றியம் சிவகங்கை மாவட்டம். 3) ம. சரவணன் செம்பனூர் கல்லல் ஒன்றியம் சிவகங்கை மாவட்டம். 4) ம. ரோஹன்னா அருணாநிதி பாடத்தான்பட்டி கல்லல் வழி காரைக்குடி சிவகங்கை மாவட்டம். 5) த. சேதுபதி எஸ். ஆர். பட்டணம் கல்லல் ஒன்றியம் சிவகங்கை மாவட்டம். 6) ஜெ. ஸ்டீபன் ஜான் ராஜ் உ.செம்பனூர் கல்லல் சிவகங்கை மாவட்டம். 7) ரா. ரீனா, வேப்பங்குளம் சிவகங்கை மாவட்டம்.

கல்லல் மேற்கு ஒன்றியம்

அமைப்பாளர் - ரா. கார்த்திகேயன், மருதங்குடி சிராவயல் சிவகங்கை மாவட்டம்.

துணை அமைப்பாளர்கள் - 1) க. முகமது ஆசிப், பழவண்டனூர் கல்லல் ஒன்றியம் சிவகங்கை மாவட்டம். 2) மு. கார்த்திக், குன்றக்குடி கல்லல் ஒன்றியம் சிவகங்கை மாவட்டம். 3) போ. பிவேக்ராஜ் நடுவிக்கோட்டை, மலையூர், கல்லல் ஒன்றியம் சிவகங்கை மாவட்டம். 4) த. நிஷாந்த், கொரட்டி கல்லல் ஒன்றியம் சிவகங்கை மாவட்டம். 5) மு. கஸ்வீன், பிள்ளையார்பட்டி சிவகங்கை மாவட்டம். 6) ச. தமிழ்மாறன், கீழப்பட்டமங்கலம் சிவகங்கை மாவட்டம். 7) லெ. கீர்த்தி சிறாவயல் சிவகங்கை மாவட்டம்.

தேவகோட்டை வடக்கு ஒன்றியம்

அமைப்பாளர் - ரா. ரமேஷ், மேலச்செம்பொன்மாரி தேவகோட்டை சிவகங்கை மாவட்டம்.

துணை அமைப்பாளர்கள் - 1) மா. கல்பனா விலாவடுமேந்தல் தேவகோட்டை சிவகங்கை மாவட்டம். 2) க. பார்த்திபன், தச்சவயல் தேவகோட்டை சிவகங்கை மாவட்டம். 3) மு. சக்திவேல் சிந்தாமணி தேவகோட்டை சிவகங்கை மாவட்டம். 4) கோ. தினேஷ் க.புதூர் தேவகோட்டை சிவகங்கை மாவட்டம். 5) சே. அந்தோணி திரவியம் திடக்கோட்டை தேவகோட்டை சிவகங்கை மாவட்டம். 6) ச. செல்வகண்ணன் மலையனேரி திடக்கோட்டை தேவகோட்டை சிவகங்கை மாவட்டம். 7) சோ. அரோக்கிய அட்சயா புலியால் தேவகோட்டை சிவகங்கை மாவட்டம்.

தேவகோட்டை தெற்கு ஒன்றியம்

அமைப்பாளர் - சு. சண்முகநாதன் போட்டூரணி செழுகை சிவகங்கை மாவட்டம்.

துணை அமைப்பாளர்கள் - 1) அ. நிதின் வசந்தன் பாவனக்கோட்டை அஞ்சல், சிவகங்கை மாவட்டம். 2) சி. பிரசாத் அனுமந்தகுடி தேவகோட்டை சிவகங்கை மாவட்டம். 3) பா. வின்சென்ட் சூர்யா சருகணி தேவகோட்டை சிவகங்கை மாவட்டம். 4) வெ. பிரசாத் ஆதங்குடி தேவகோட்டை சிவகங்கை மாவட்டம். 5) ந. சிவனாபாரதிபுரம் திருவேகம்பத்தூர் தேவகோட்டை சிவகங்கை மாவட்டம். 6) பெ. கண்ணன் அங்கலனகோட்டை திருவேகம்பத்தூர் அஞ்சல் சிவகங்கை மாவட்டம். 7) க. புனிதா ஆறாவயல் கீழ உச்சாணி அஞ்சல், சிவகங்கை மாவட்டம்.
